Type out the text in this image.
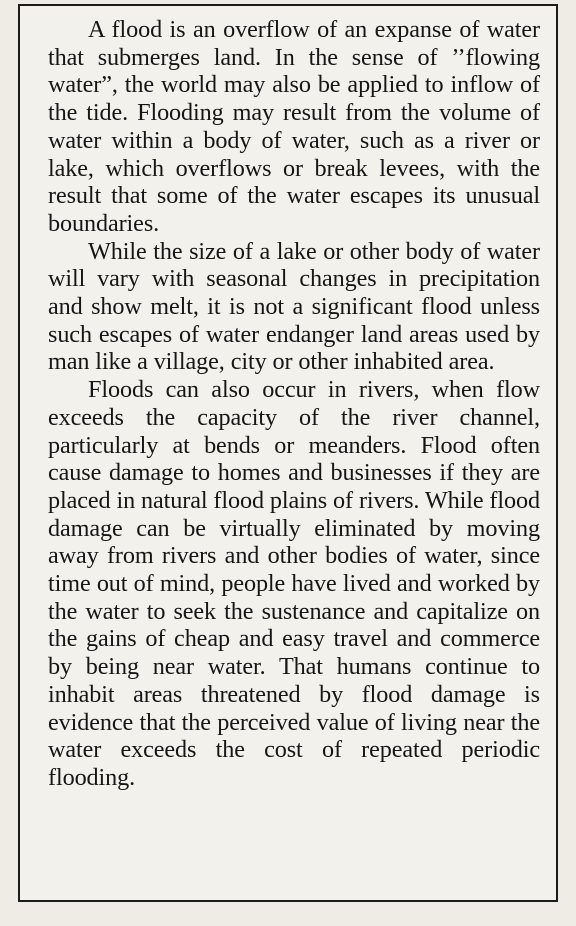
A flood is an overflow of an expanse of water that submerges land. In the sense of ’’flowing water”, the world may also be applied to inflow of the tide. Flooding may result from the volume of water within a body of water, such as a river or lake, which overflows or break levees, with the result that some of the water escapes its unusual boundaries.

While the size of a lake or other body of water will vary with seasonal changes in precipitation and show melt, it is not a significant flood unless such escapes of water endanger land areas used by man like a village, city or other inhabited area.

Floods can also occur in rivers, when flow exceeds the capacity of the river channel, particularly at bends or meanders. Flood often cause damage to homes and businesses if they are placed in natural flood plains of rivers. While flood damage can be virtually eliminated by moving away from rivers and other bodies of water, since time out of mind, people have lived and worked by the water to seek the sustenance and capitalize on the gains of cheap and easy travel and commerce by being near water. That humans continue to inhabit areas threatened by flood damage is evidence that the perceived value of living near the water exceeds the cost of repeated periodic flooding.
